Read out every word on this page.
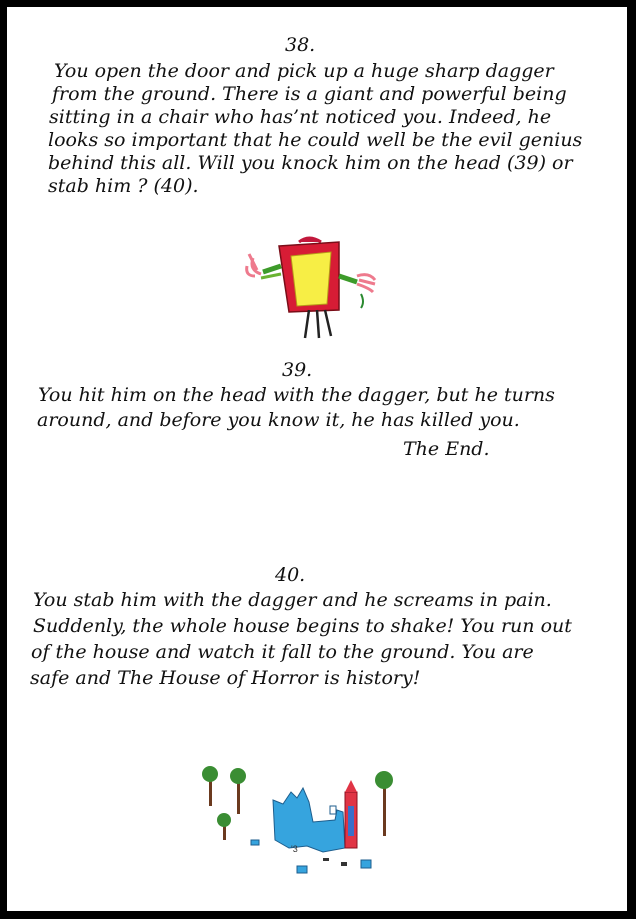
38.
You open the door and pick up a huge sharp dagger
from the ground. There is a giant and powerful being
sitting in a chair who has’nt noticed you. Indeed, he
looks so important that he could well be the evil genius
behind this all. Will you knock him on the head (39) or
stab him ? (40).
39.
You hit him on the head with the dagger, but he turns
around, and before you know it, he has killed you.
The End.
40.
You stab him with the dagger and he screams in pain.
Suddenly, the whole house begins to shake! You run out
of the house and watch it fall to the ground. You are
safe and The House of Horror is history!
'3
